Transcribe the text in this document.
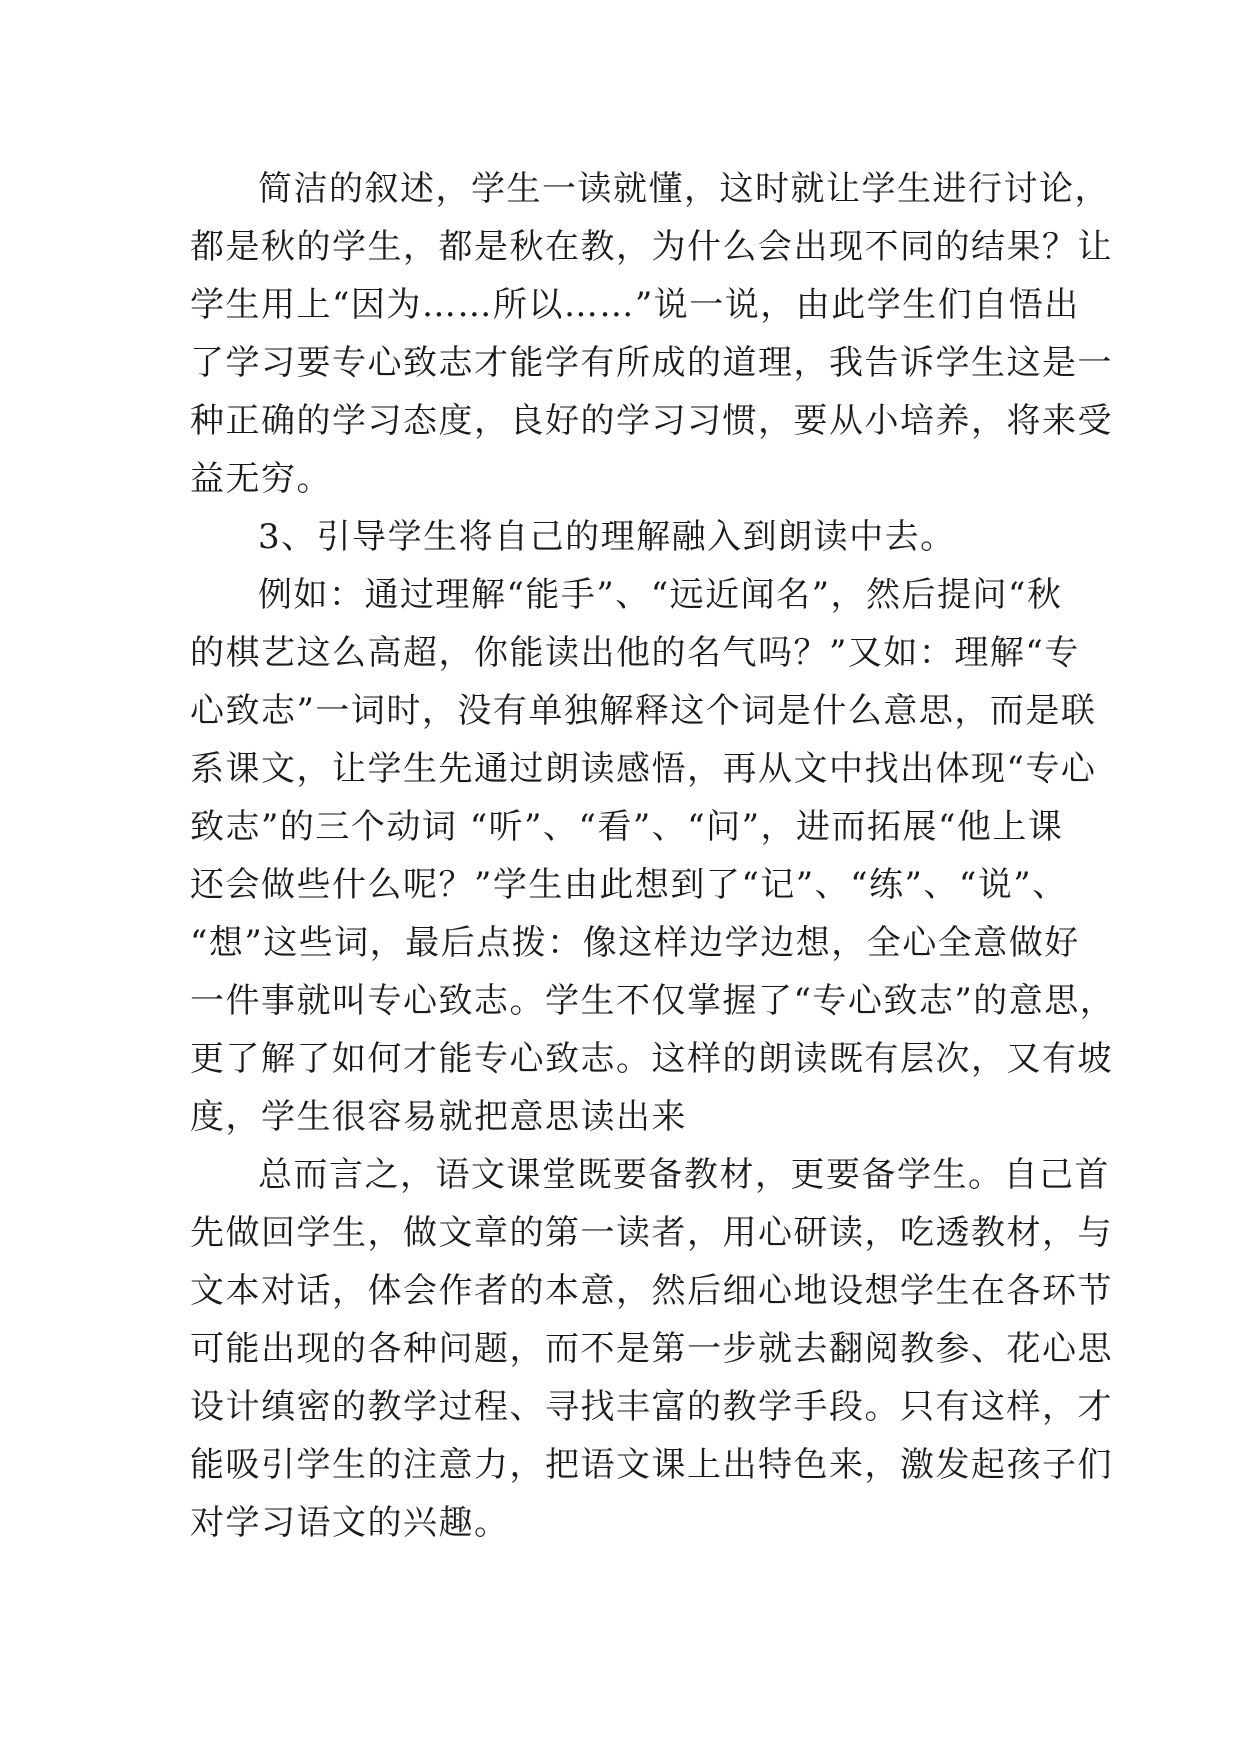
简洁的叙述，学生一读就懂，这时就让学生进行讨论，
都是秋的学生，都是秋在教，为什么会出现不同的结果？让
学生用上“因为……所以……”说一说，由此学生们自悟出
了学习要专心致志才能学有所成的道理，我告诉学生这是一
种正确的学习态度，良好的学习习惯，要从小培养，将来受
益无穷。
3、引导学生将自己的理解融入到朗读中去。
例如：通过理解“能手”、“远近闻名”，然后提问“秋
的棋艺这么高超，你能读出他的名气吗？”又如：理解“专
心致志”一词时，没有单独解释这个词是什么意思，而是联
系课文，让学生先通过朗读感悟，再从文中找出体现“专心
致志”的三个动词 “听”、“看”、“问”，进而拓展“他上课
还会做些什么呢？”学生由此想到了“记”、“练”、“说”、
“想”这些词，最后点拨：像这样边学边想，全心全意做好
一件事就叫专心致志。学生不仅掌握了“专心致志”的意思，
更了解了如何才能专心致志。这样的朗读既有层次，又有坡
度，学生很容易就把意思读出来
总而言之，语文课堂既要备教材，更要备学生。自己首
先做回学生，做文章的第一读者，用心研读，吃透教材，与
文本对话，体会作者的本意，然后细心地设想学生在各环节
可能出现的各种问题，而不是第一步就去翻阅教参、花心思
设计缜密的教学过程、寻找丰富的教学手段。只有这样，才
能吸引学生的注意力，把语文课上出特色来，激发起孩子们
对学习语文的兴趣。
